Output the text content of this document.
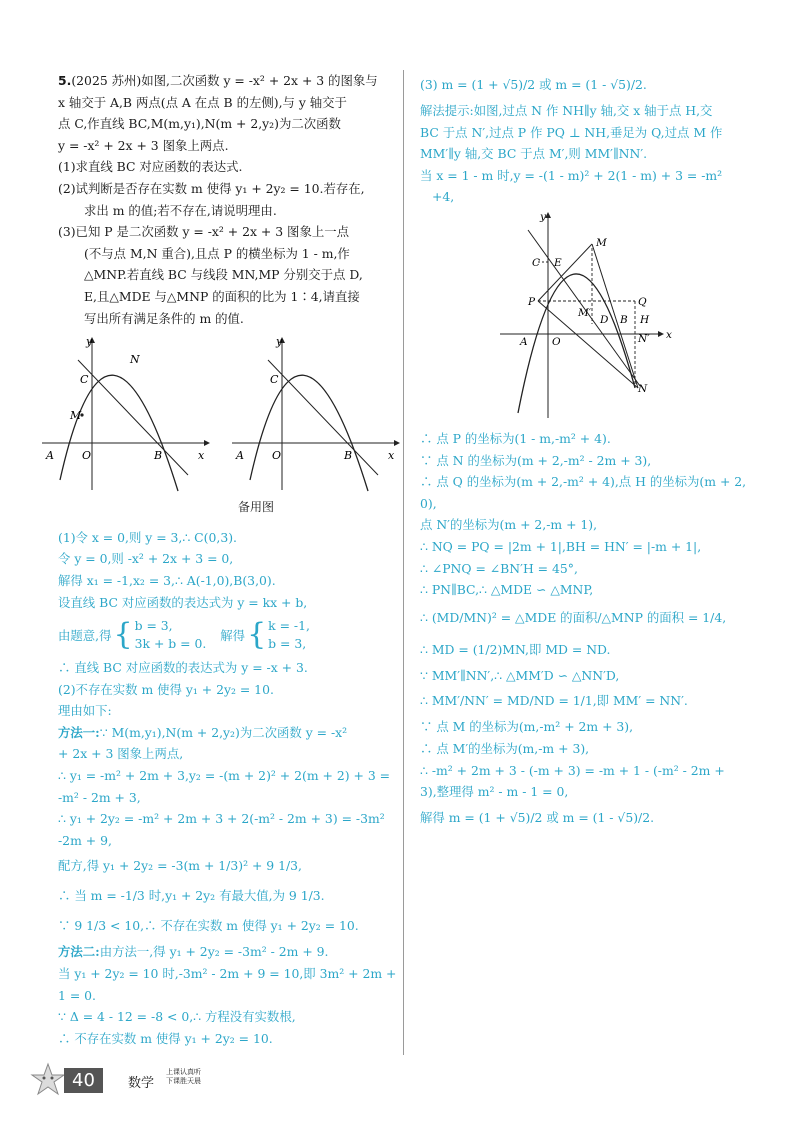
5.(2025 苏州)如图,二次函数 y = -x² + 2x + 3 的图象与

x 轴交于 A,B 两点(点 A 在点 B 的左侧),与 y 轴交于

点 C,作直线 BC,M(m,y₁),N(m + 2,y₂)为二次函数

y = -x² + 2x + 3 图象上两点.

(1)求直线 BC 对应函数的表达式.

(2)试判断是否存在实数 m 使得 y₁ + 2y₂ = 10.若存在,

求出 m 的值;若不存在,请说明理由.

(3)已知 P 是二次函数 y = -x² + 2x + 3 图象上一点

(不与点 M,N 重合),且点 P 的横坐标为 1 - m,作

△MNP.若直线 BC 与线段 MN,MP 分别交于点 D,

E,且△MDE 与△MNP 的面积的比为 1∶4,请直接

写出所有满足条件的 m 的值.

A	O	B
C
M
N
x
y
A	O	B
C
x
y

备用图

(1)令 x = 0,则 y = 3,∴ C(0,3).

令 y = 0,则 -x² + 2x + 3 = 0,

解得 x₁ = -1,x₂ = 3,∴ A(-1,0),B(3,0).

设直线 BC 对应函数的表达式为 y = kx + b,

由题意,得 { b = 3,
3k + b = 0.
解得 { k = -1,
b = 3,

∴ 直线 BC 对应函数的表达式为 y = -x + 3.

(2)不存在实数 m 使得 y₁ + 2y₂ = 10.

理由如下:

方法一:∵ M(m,y₁),N(m + 2,y₂)为二次函数 y = -x²

+ 2x + 3 图象上两点,

∴ y₁ = -m² + 2m + 3,y₂ = -(m + 2)² + 2(m + 2) + 3 =

-m² - 2m + 3,

∴ y₁ + 2y₂ = -m² + 2m + 3 + 2(-m² - 2m + 3) = -3m²

-2m + 9,

配方,得 y₁ + 2y₂ = -3(m + 1/3)² + 9 1/3,

∴ 当 m = -1/3 时,y₁ + 2y₂ 有最大值,为 9 1/3.

∵ 9 1/3 < 10,∴ 不存在实数 m 使得 y₁ + 2y₂ = 10.

方法二:由方法一,得 y₁ + 2y₂ = -3m² - 2m + 9.

当 y₁ + 2y₂ = 10 时,-3m² - 2m + 9 = 10,即 3m² + 2m +

1 = 0.

∵ Δ = 4 - 12 = -8 < 0,∴ 方程没有实数根,

∴ 不存在实数 m 使得 y₁ + 2y₂ = 10.

(3) m = (1 + √5)/2 或 m = (1 - √5)/2.

解法提示:如图,过点 N 作 NH∥y 轴,交 x 轴于点 H,交

BC 于点 N′,过点 P 作 PQ ⊥ NH,垂足为 Q,过点 M 作

MM′∥y 轴,交 BC 于点 M′,则 MM′∥NN′.

当 x = 1 - m 时,y = -(1 - m)² + 2(1 - m) + 3 = -m²

+4,

y
x
A O
C E
M
P	Q
M′
D B H
N′
N

∴ 点 P 的坐标为(1 - m,-m² + 4).

∵ 点 N 的坐标为(m + 2,-m² - 2m + 3),

∴ 点 Q 的坐标为(m + 2,-m² + 4),点 H 的坐标为(m + 2,

0),

点 N′的坐标为(m + 2,-m + 1),

∴ NQ = PQ = |2m + 1|,BH = HN′ = |-m + 1|,

∴ ∠PNQ = ∠BN′H = 45°,

∴ PN∥BC,∴ △MDE ∽ △MNP,

∴ (MD/MN)² = △MDE 的面积/△MNP 的面积 = 1/4,

∴ MD = (1/2)MN,即 MD = ND.

∵ MM′∥NN′,∴ △MM′D ∽ △NN′D,

∴ MM′/NN′ = MD/ND = 1/1,即 MM′ = NN′.

∵ 点 M 的坐标为(m,-m² + 2m + 3),

∴ 点 M′的坐标为(m,-m + 3),

∴ -m² + 2m + 3 - (-m + 3) = -m + 1 - (-m² - 2m +

3),整理得 m² - m - 1 = 0,

解得 m = (1 + √5)/2 或 m = (1 - √5)/2.

40	数学
上课认真听
下课胜天晨
